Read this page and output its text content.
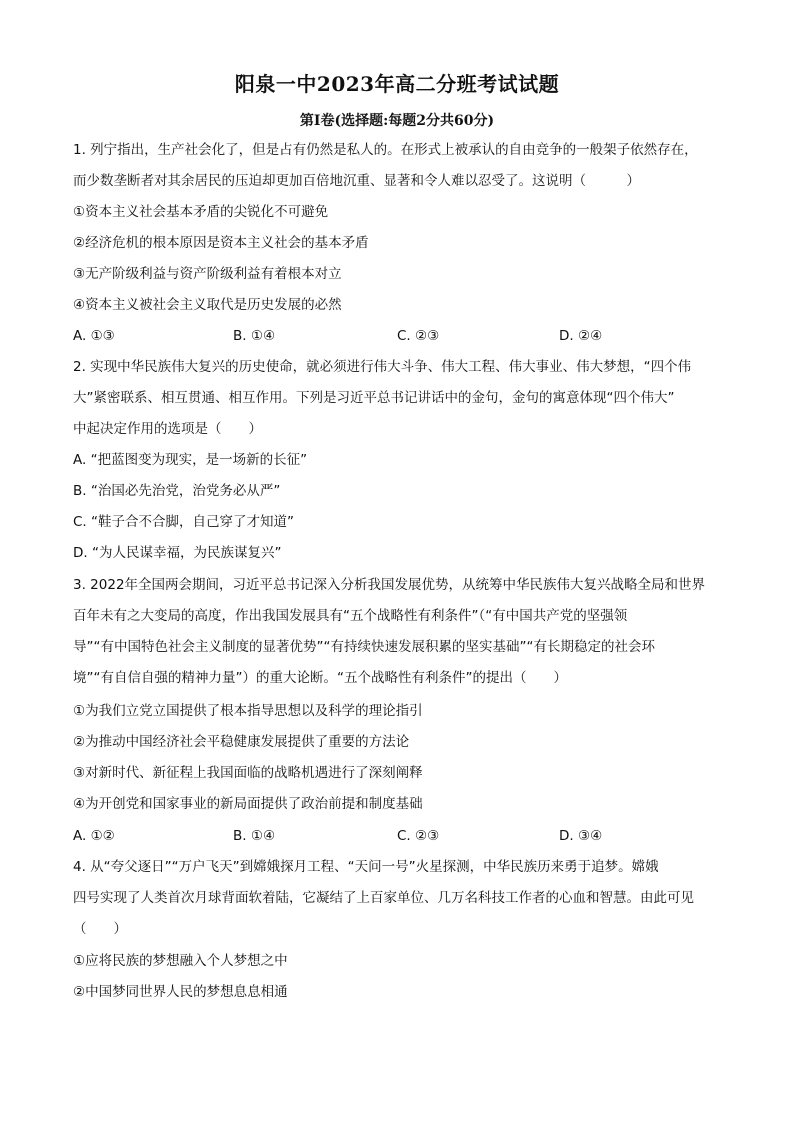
阳泉一中2023年高二分班考试试题
第Ⅰ卷(选择题:每题2分共60分)
1. 列宁指出，生产社会化了，但是占有仍然是私人的。在形式上被承认的自由竞争的一般架子依然存在，
而少数垄断者对其余居民的压迫却更加百倍地沉重、显著和令人难以忍受了。这说明（　　　）
①资本主义社会基本矛盾的尖锐化不可避免
②经济危机的根本原因是资本主义社会的基本矛盾
③无产阶级利益与资产阶级利益有着根本对立
④资本主义被社会主义取代是历史发展的必然
A. ①③	B. ①④	C. ②③	D. ②④
2. 实现中华民族伟大复兴的历史使命，就必须进行伟大斗争、伟大工程、伟大事业、伟大梦想，“四个伟
大”紧密联系、相互贯通、相互作用。下列是习近平总书记讲话中的金句，金句的寓意体现“四个伟大”
中起决定作用的选项是（　　）
A. “把蓝图变为现实，是一场新的长征”
B. “治国必先治党，治党务必从严”
C. “鞋子合不合脚，自己穿了才知道”
D. “为人民谋幸福，为民族谋复兴”
3. 2022年全国两会期间，习近平总书记深入分析我国发展优势，从统筹中华民族伟大复兴战略全局和世界
百年未有之大变局的高度，作出我国发展具有“五个战略性有利条件”（“有中国共产党的坚强领
导”“有中国特色社会主义制度的显著优势”“有持续快速发展积累的坚实基础”“有长期稳定的社会环
境”“有自信自强的精神力量”）的重大论断。“五个战略性有利条件”的提出（　　）
①为我们立党立国提供了根本指导思想以及科学的理论指引
②为推动中国经济社会平稳健康发展提供了重要的方法论
③对新时代、新征程上我国面临的战略机遇进行了深刻阐释
④为开创党和国家事业的新局面提供了政治前提和制度基础
A. ①②	B. ①④	C. ②③	D. ③④
4. 从“夸父逐日”“万户飞天”到嫦娥探月工程、“天问一号”火星探测，中华民族历来勇于追梦。嫦娥
四号实现了人类首次月球背面软着陆，它凝结了上百家单位、几万名科技工作者的心血和智慧。由此可见
（　　）
①应将民族的梦想融入个人梦想之中
②中国梦同世界人民的梦想息息相通
